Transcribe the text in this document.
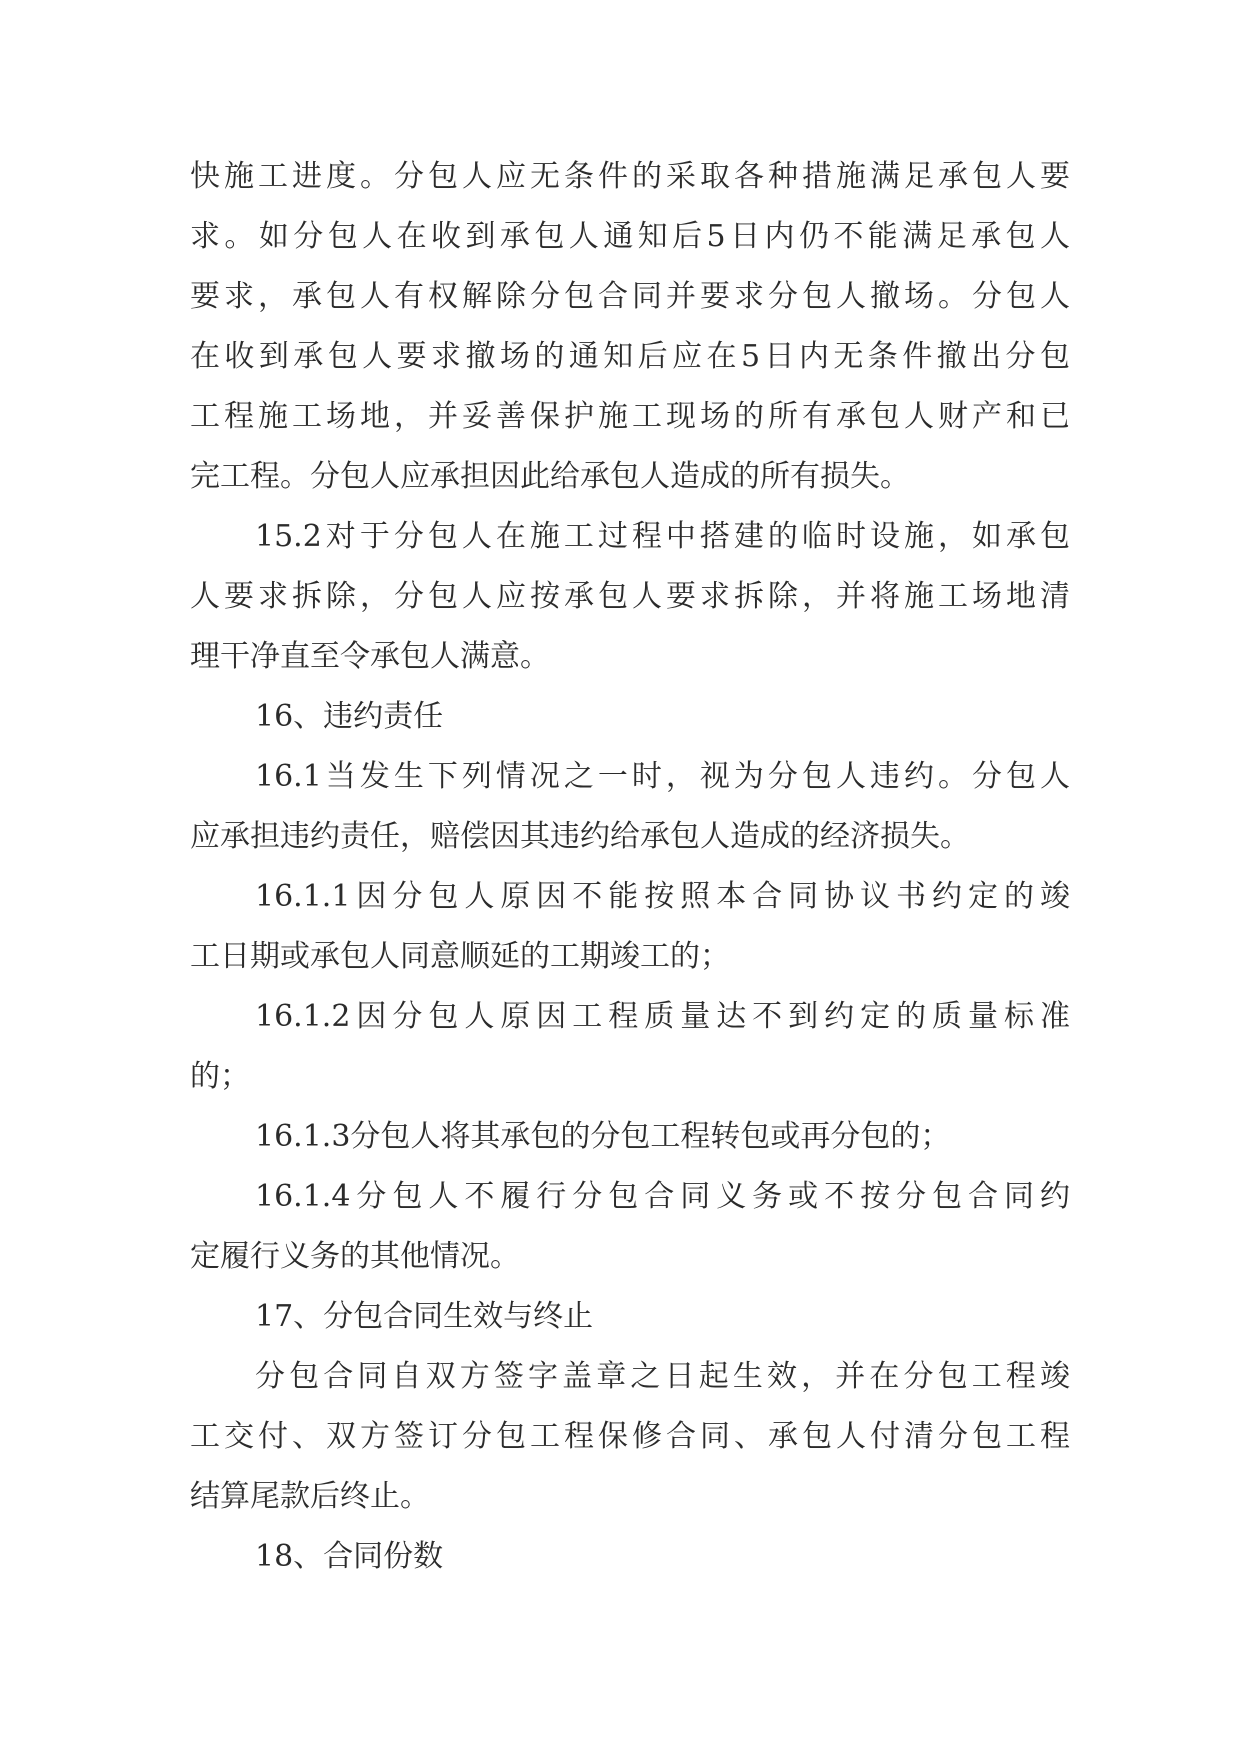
快施工进度。分包人应无条件的采取各种措施满足承包人要
求。如分包人在收到承包人通知后5日内仍不能满足承包人
要求，承包人有权解除分包合同并要求分包人撤场。分包人
在收到承包人要求撤场的通知后应在5日内无条件撤出分包
工程施工场地，并妥善保护施工现场的所有承包人财产和已
完工程。分包人应承担因此给承包人造成的所有损失。
15.2对于分包人在施工过程中搭建的临时设施，如承包
人要求拆除，分包人应按承包人要求拆除，并将施工场地清
理干净直至令承包人满意。
16、违约责任
16.1当发生下列情况之一时，视为分包人违约。分包人
应承担违约责任，赔偿因其违约给承包人造成的经济损失。
16.1.1因分包人原因不能按照本合同协议书约定的竣
工日期或承包人同意顺延的工期竣工的；
16.1.2因分包人原因工程质量达不到约定的质量标准
的；
16.1.3分包人将其承包的分包工程转包或再分包的；
16.1.4分包人不履行分包合同义务或不按分包合同约
定履行义务的其他情况。
17、分包合同生效与终止
分包合同自双方签字盖章之日起生效，并在分包工程竣
工交付、双方签订分包工程保修合同、承包人付清分包工程
结算尾款后终止。
18、合同份数
